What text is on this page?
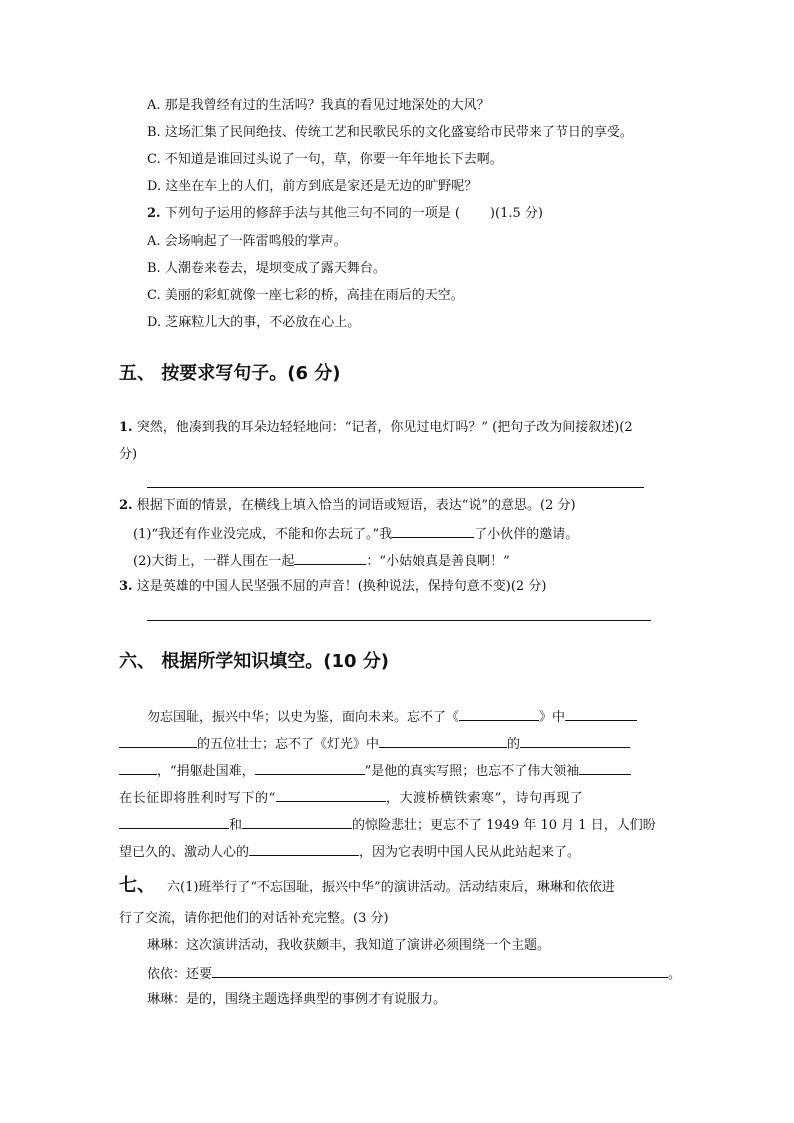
A. 那是我曾经有过的生活吗？我真的看见过地深处的大风？
B. 这场汇集了民间绝技、传统工艺和民歌民乐的文化盛宴给市民带来了节日的享受。
C. 不知道是谁回过头说了一句，草，你要一年年地长下去啊。
D. 这坐在车上的人们，前方到底是家还是无边的旷野呢？
2. 下列句子运用的修辞手法与其他三句不同的一项是 ( )(1.5 分)
A. 会场响起了一阵雷鸣般的掌声。
B. 人潮卷来卷去，堤坝变成了露天舞台。
C. 美丽的彩虹就像一座七彩的桥，高挂在雨后的天空。
D. 芝麻粒儿大的事，不必放在心上。
五、 按要求写句子。(6 分)
1. 突然，他凑到我的耳朵边轻轻地问：“记者，你见过电灯吗？” (把句子改为间接叙述)(2
分)
2. 根据下面的情景，在横线上填入恰当的词语或短语，表达“说”的意思。(2 分)
(1)“我还有作业没完成，不能和你去玩了。”我	了小伙伴的邀请。
(2)大街上，一群人围在一起	：“小姑娘真是善良啊！”
3. 这是英雄的中国人民坚强不屈的声音！(换种说法，保持句意不变)(2 分)
六、 根据所学知识填空。(10 分)
勿忘国耻，振兴中华；以史为鉴，面向未来。忘不了《	》中
的五位壮士；忘不了《灯光》中	的
，“捐躯赴国难，	”是他的真实写照；也忘不了伟大领袖
在长征即将胜利时写下的“	，大渡桥横铁索寒”，诗句再现了
和	的惊险悲壮；更忘不了 1949 年 10 月 1 日，人们盼
望已久的、激动人心的	，因为它表明中国人民从此站起来了。
七、 六(1)班举行了“不忘国耻，振兴中华”的演讲活动。活动结束后，琳琳和依依进
行了交流，请你把他们的对话补充完整。(3 分)
琳琳：这次演讲活动，我收获颇丰，我知道了演讲必须围绕一个主题。
依依：还要	。
琳琳：是的，围绕主题选择典型的事例才有说服力。
